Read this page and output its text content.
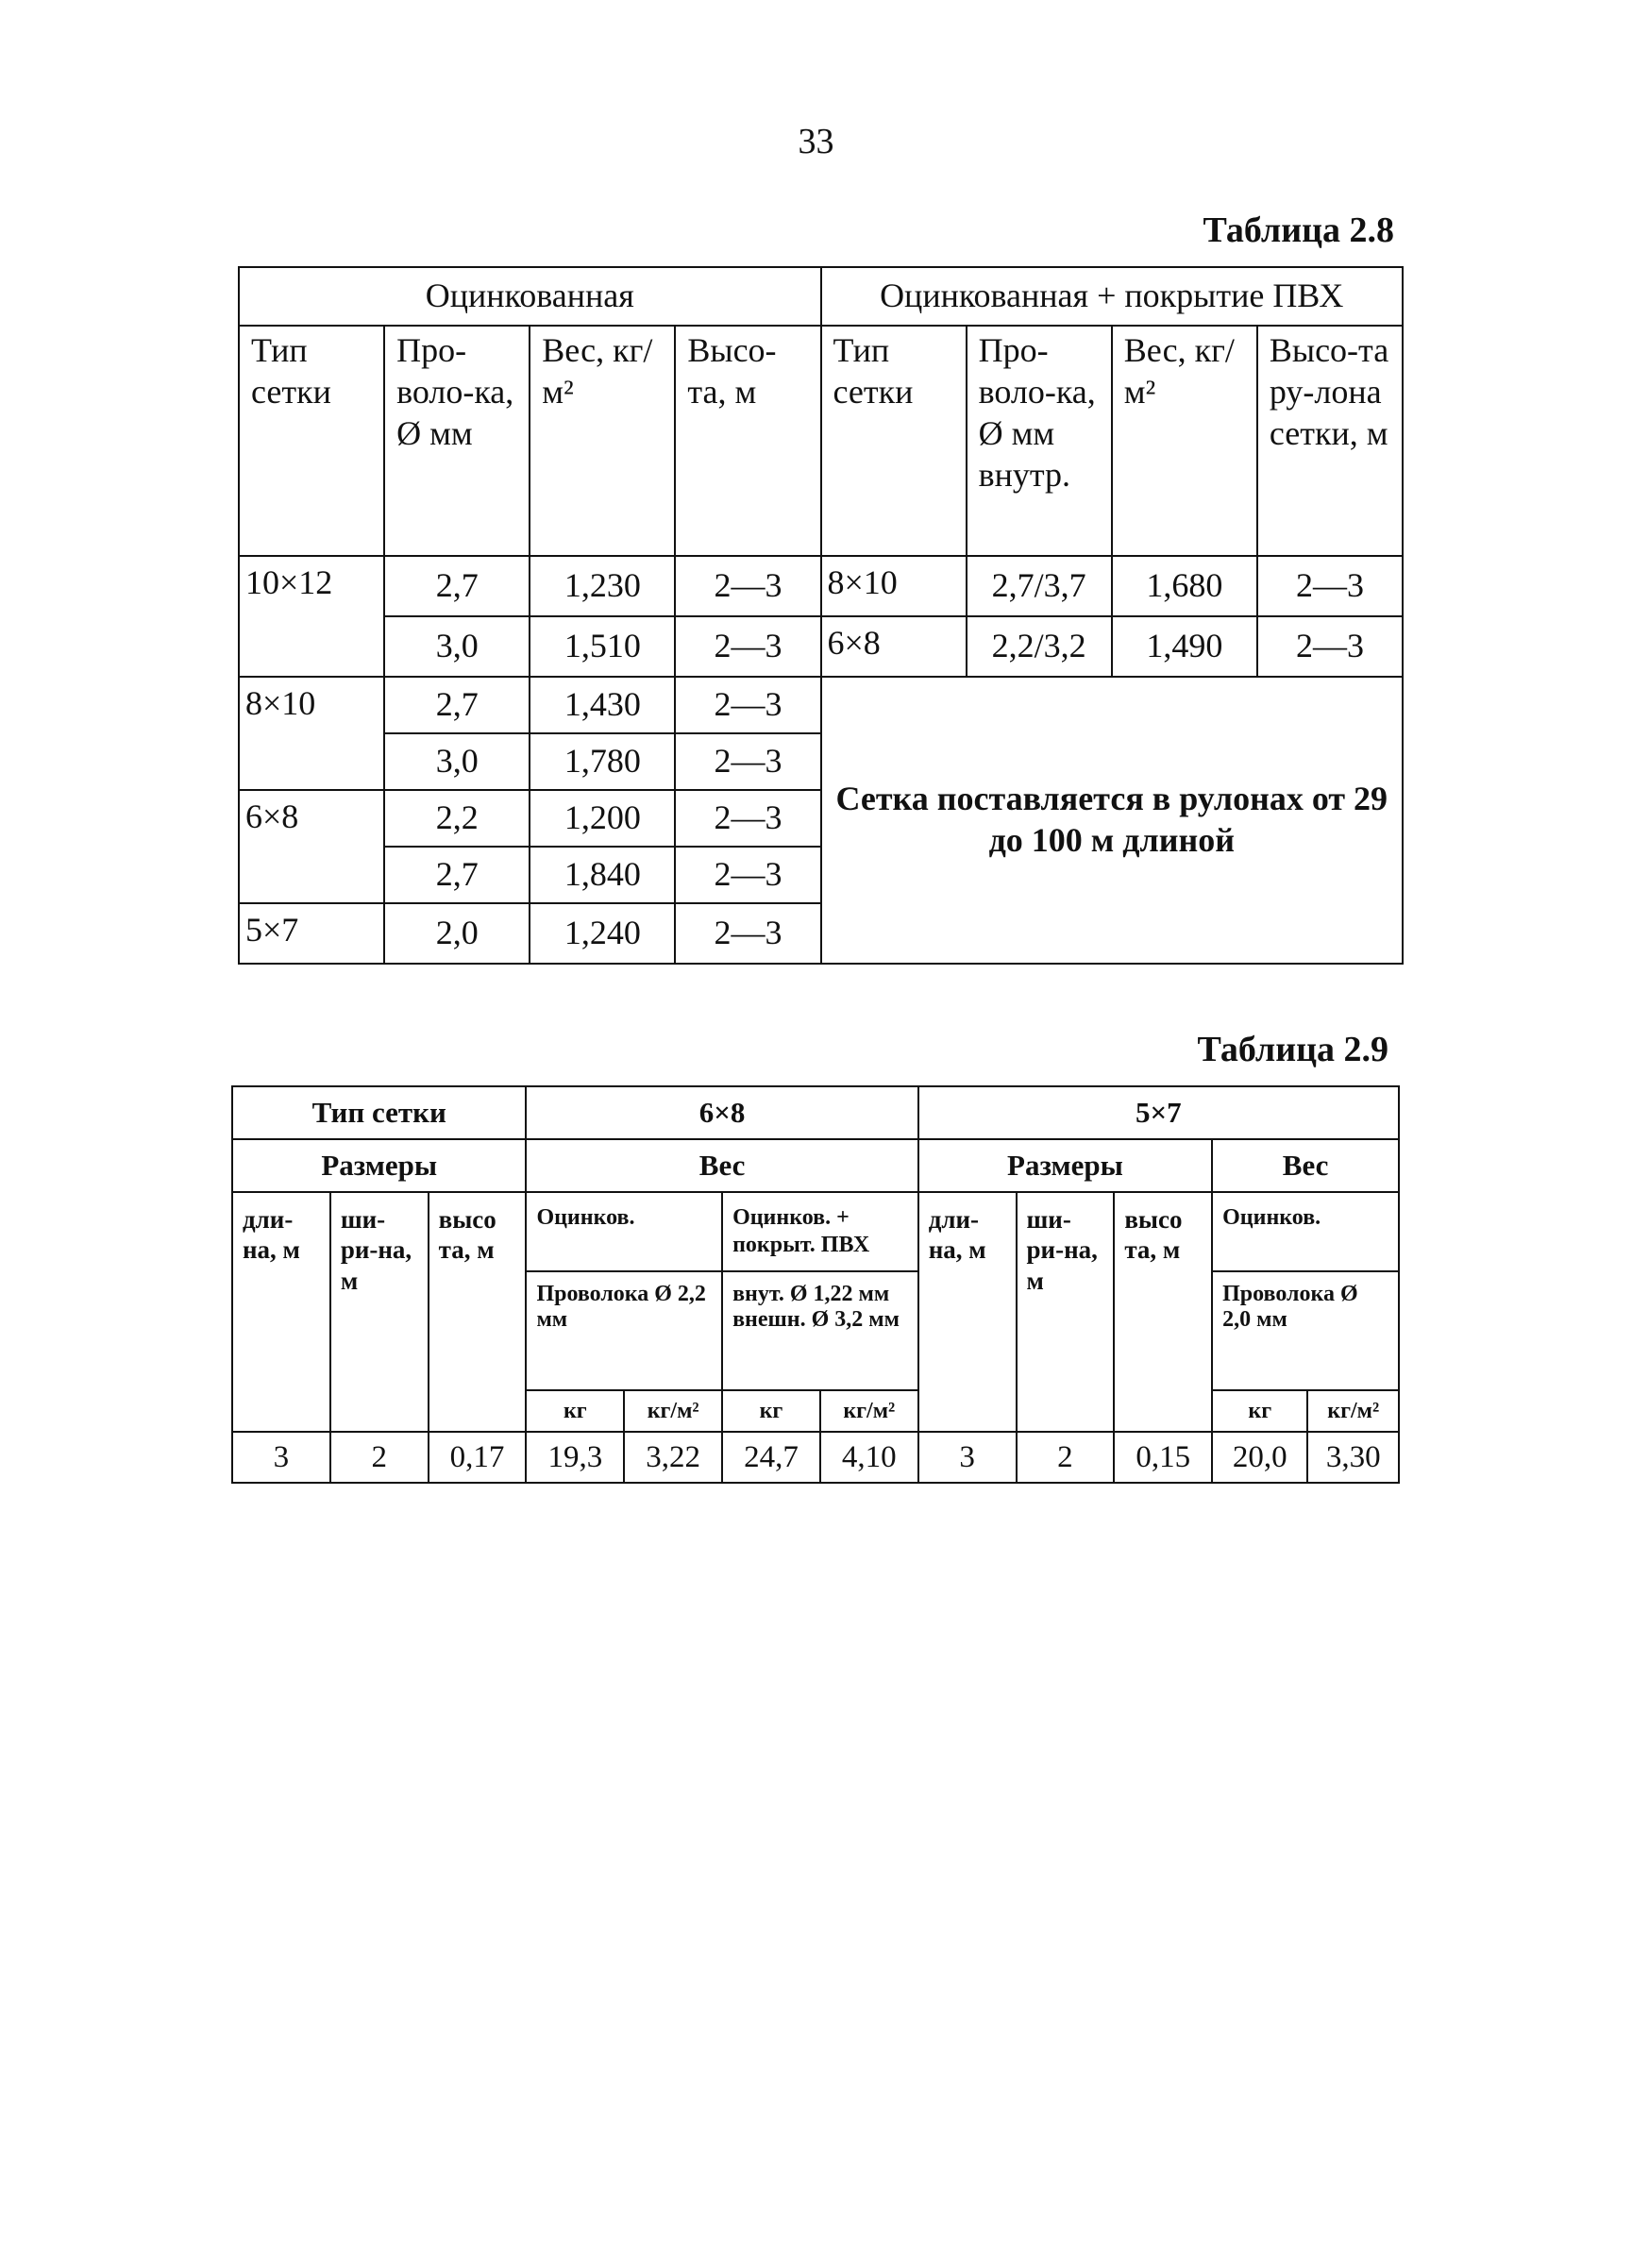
33
Таблица 2.8
Оцинкованная				Оцинкованная + покрытие ПВХ			
Тип сетки	Про-воло-ка, Ø мм	Вес, кг/м²	Высо-та, м	Тип сетки	Про-воло-ка, Ø мм внутр.	Вес, кг/м²	Высо-та ру-лона сетки, м
10×12	2,7	1,230	2—3	8×10	2,7/3,7	1,680	2—3
	3,0	1,510	2—3	6×8	2,2/3,2	1,490	2—3
8×10	2,7	1,430	2—3	Сетка поставляется в рулонах от 29 до 100 м длиной			
	3,0	1,780	2—3				
6×8	2,2	1,200	2—3				
	2,7	1,840	2—3				
5×7	2,0	1,240	2—3				
Таблица 2.9
Тип сетки			6×8				5×7				
Размеры			Вес				Размеры			Вес	
дли-на, м	ши-ри-на, м	высо та, м	Оцинков.		Оцинков. + покрыт. ПВХ		дли-на, м	ши-ри-на, м	высо та, м	Оцинков.	
			Проволока Ø 2,2 мм		внут. Ø 1,22 мм внешн. Ø 3,2 мм					Проволока Ø 2,0 мм	
			кг	кг/м²	кг	кг/м²				кг	кг/м²
3	2	0,17	19,3	3,22	24,7	4,10	3	2	0,15	20,0	3,30
